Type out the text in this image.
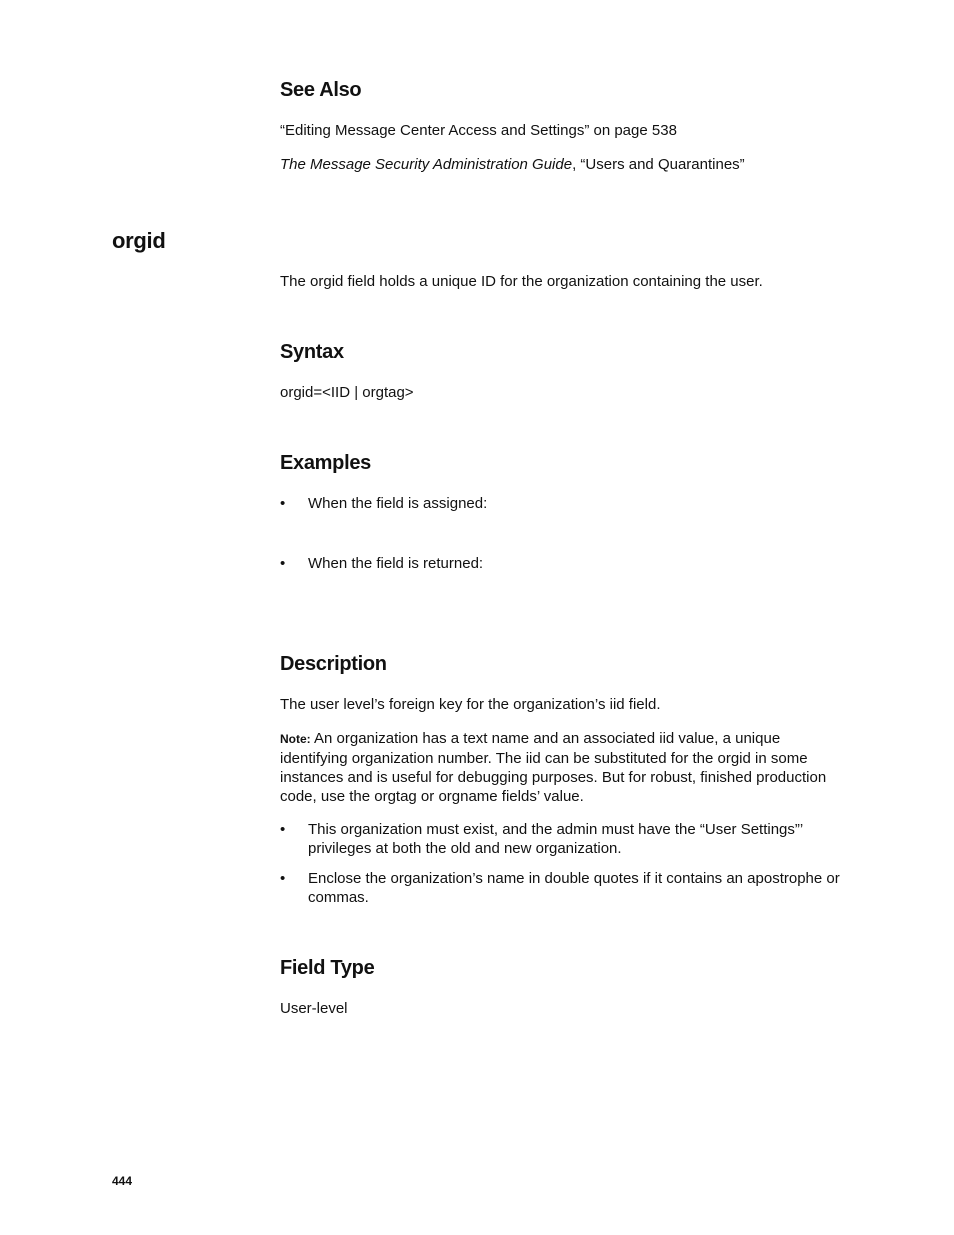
See Also
“Editing Message Center Access and Settings” on page 538
The Message Security Administration Guide, “Users and Quarantines”
orgid
The orgid field holds a unique ID for the organization containing the user.
Syntax
orgid=<IID | orgtag>
Examples
•	When the field is assigned:
•	When the field is returned:
Description
The user level’s foreign key for the organization’s iid field.
Note: An organization has a text name and an associated iid value, a unique identifying organization number. The iid can be substituted for the orgid in some instances and is useful for debugging purposes. But for robust, finished production code, use the orgtag or orgname fields’ value.
•	This organization must exist, and the admin must have the “User Settings”’ privileges at both the old and new organization.
•	Enclose the organization’s name in double quotes if it contains an apostrophe or commas.
Field Type
User-level
444
